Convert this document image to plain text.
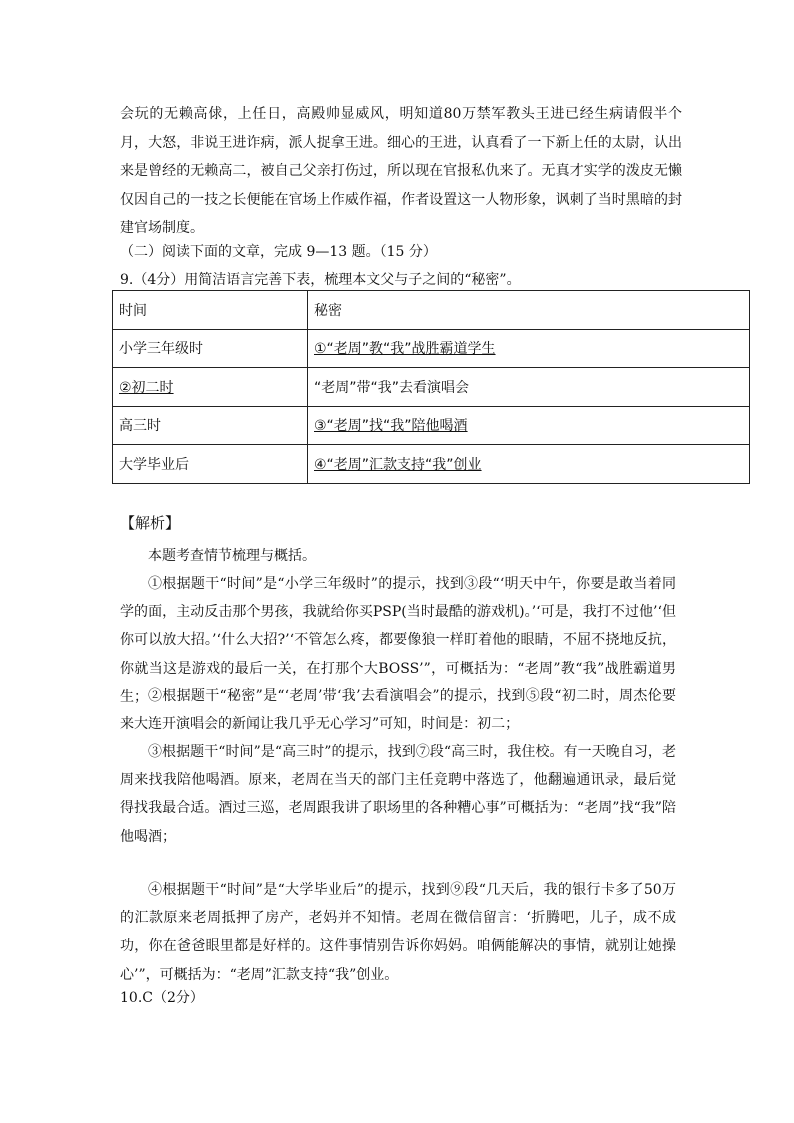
会玩的无赖高俅，上任日，高殿帅显威风，明知道80万禁军教头王进已经生病请假半个月，大怒，非说王进诈病，派人捉拿王进。细心的王进，认真看了一下新上任的太尉，认出来是曾经的无赖高二，被自己父亲打伤过，所以现在官报私仇来了。无真才实学的泼皮无懒仅因自己的一技之长便能在官场上作威作福，作者设置这一人物形象，讽刺了当时黑暗的封建官场制度。

（二）阅读下面的文章，完成 9—13 题。（15 分）
9.（4分）用简洁语言完善下表，梳理本文父与子之间的“秘密”。
时间	秘密
小学三年级时	①“老周”教“我”战胜霸道学生
②初二时	“老周”带“我”去看演唱会
高三时	③“老周”找“我”陪他喝酒
大学毕业后	④“老周”汇款支持“我”创业
【解析】

本题考查情节梳理与概括。

①根据题干“时间”是“小学三年级时”的提示，找到③段“‘明天中午，你要是敢当着同学的面，主动反击那个男孩，我就给你买PSP(当时最酷的游戏机)。’‘可是，我打不过他’‘但你可以放大招。’‘什么大招?’‘不管怎么疼，都要像狼一样盯着他的眼睛，不屈不挠地反抗，你就当这是游戏的最后一关，在打那个大BOSS’”，可概括为：“老周”教“我”战胜霸道男生； ②根据题干“秘密”是“‘老周’带‘我’去看演唱会”的提示，找到⑤段“初二时，周杰伦要来大连开演唱会的新闻让我几乎无心学习”可知，时间是：初二；

③根据题干“时间”是“高三时”的提示，找到⑦段“高三时，我住校。有一天晚自习，老周来找我陪他喝酒。原来，老周在当天的部门主任竞聘中落选了，他翻遍通讯录，最后觉得找我最合适。酒过三巡，老周跟我讲了职场里的各种糟心事”可概括为：“老周”找“我”陪他喝酒；

④根据题干“时间”是“大学毕业后”的提示，找到⑨段“几天后，我的银行卡多了50万的汇款原来老周抵押了房产，老妈并不知情。老周在微信留言：‘折腾吧，儿子，成不成功，你在爸爸眼里都是好样的。这件事情别告诉你妈妈。咱俩能解决的事情，就别让她操心’”，可概括为：“老周”汇款支持“我”创业。

10.C（2分）
